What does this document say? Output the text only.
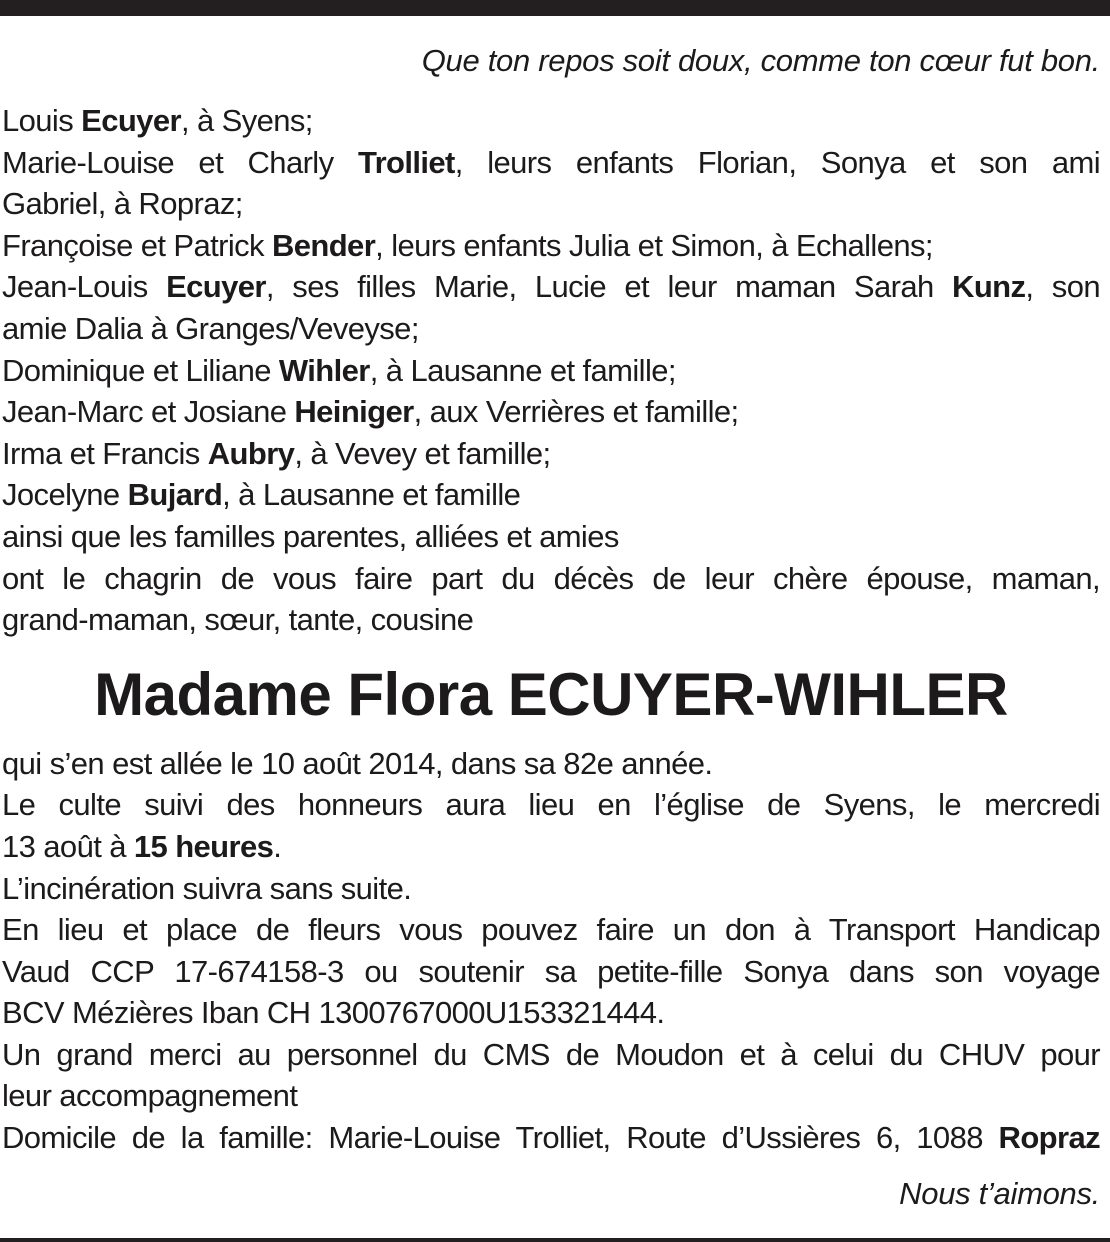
Que ton repos soit doux, comme ton cœur fut bon.
Louis Ecuyer, à Syens;
Marie-Louise et Charly Trolliet, leurs enfants Florian, Sonya et son ami
Gabriel, à Ropraz;
Françoise et Patrick Bender, leurs enfants Julia et Simon, à Echallens;
Jean-Louis Ecuyer, ses filles Marie, Lucie et leur maman Sarah Kunz, son
amie Dalia à Granges/Veveyse;
Dominique et Liliane Wihler, à Lausanne et famille;
Jean-Marc et Josiane Heiniger, aux Verrières et famille;
Irma et Francis Aubry, à Vevey et famille;
Jocelyne Bujard, à Lausanne et famille
ainsi que les familles parentes, alliées et amies
ont le chagrin de vous faire part du décès de leur chère épouse, maman,
grand-maman, sœur, tante, cousine
Madame Flora ECUYER-WIHLER
qui s’en est allée le 10 août 2014, dans sa 82e année.
Le culte suivi des honneurs aura lieu en l’église de Syens, le mercredi
13 août à 15 heures.
L’incinération suivra sans suite.
En lieu et place de fleurs vous pouvez faire un don à Transport Handicap
Vaud CCP 17-674158-3 ou soutenir sa petite-fille Sonya dans son voyage
BCV Mézières Iban CH 1300767000U153321444.
Un grand merci au personnel du CMS de Moudon et à celui du CHUV pour
leur accompagnement
Domicile de la famille: Marie-Louise Trolliet, Route d’Ussières 6, 1088 Ropraz
Nous t’aimons.
